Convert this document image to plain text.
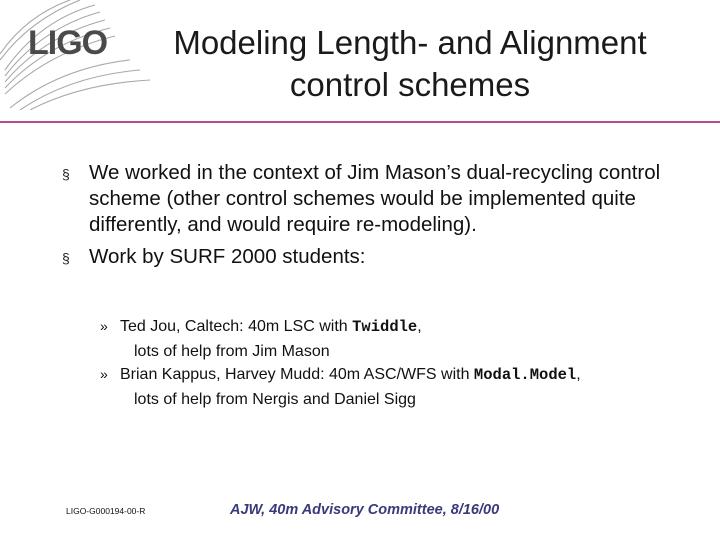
LIGO	Modeling Length- and Alignment
control schemes
§ We worked in the context of Jim Mason’s dual-recycling control scheme (other control schemes would be implemented quite differently, and would require re-modeling).
§ Work by SURF 2000 students:
» Ted Jou, Caltech: 40m LSC with Twiddle,
lots of help from Jim Mason
» Brian Kappus, Harvey Mudd: 40m ASC/WFS with Modal.Model,
lots of help from Nergis and Daniel Sigg
LIGO-G000194-00-R	AJW, 40m Advisory Committee, 8/16/00
